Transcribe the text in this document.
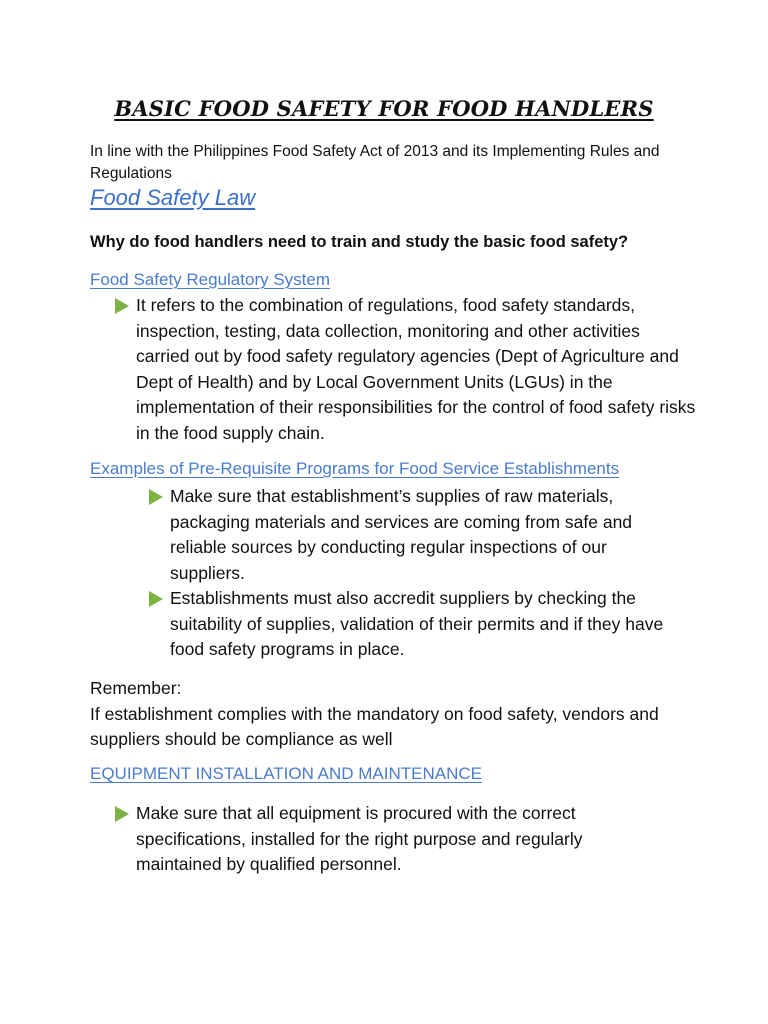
BASIC FOOD SAFETY FOR FOOD HANDLERS
In line with the Philippines Food Safety Act of 2013 and its Implementing Rules and Regulations
Food Safety Law
Why do food handlers need to train and study the basic food safety?
Food Safety Regulatory System
It refers to the combination of regulations, food safety standards, inspection, testing, data collection, monitoring and other activities carried out by food safety regulatory agencies (Dept of Agriculture and Dept of Health) and by Local Government Units (LGUs) in the implementation of their responsibilities for the control of food safety risks in the food supply chain.
Examples of Pre-Requisite Programs for Food Service Establishments
Make sure that establishment’s supplies of raw materials, packaging materials and services are coming from safe and reliable sources by conducting regular inspections of our suppliers.
Establishments must also accredit suppliers by checking the suitability of supplies, validation of their permits and if they have food safety programs in place.
Remember:
If establishment complies with the mandatory on food safety, vendors and suppliers should be compliance as well
EQUIPMENT INSTALLATION AND MAINTENANCE
Make sure that all equipment is procured with the correct specifications, installed for the right purpose and regularly maintained by qualified personnel.
